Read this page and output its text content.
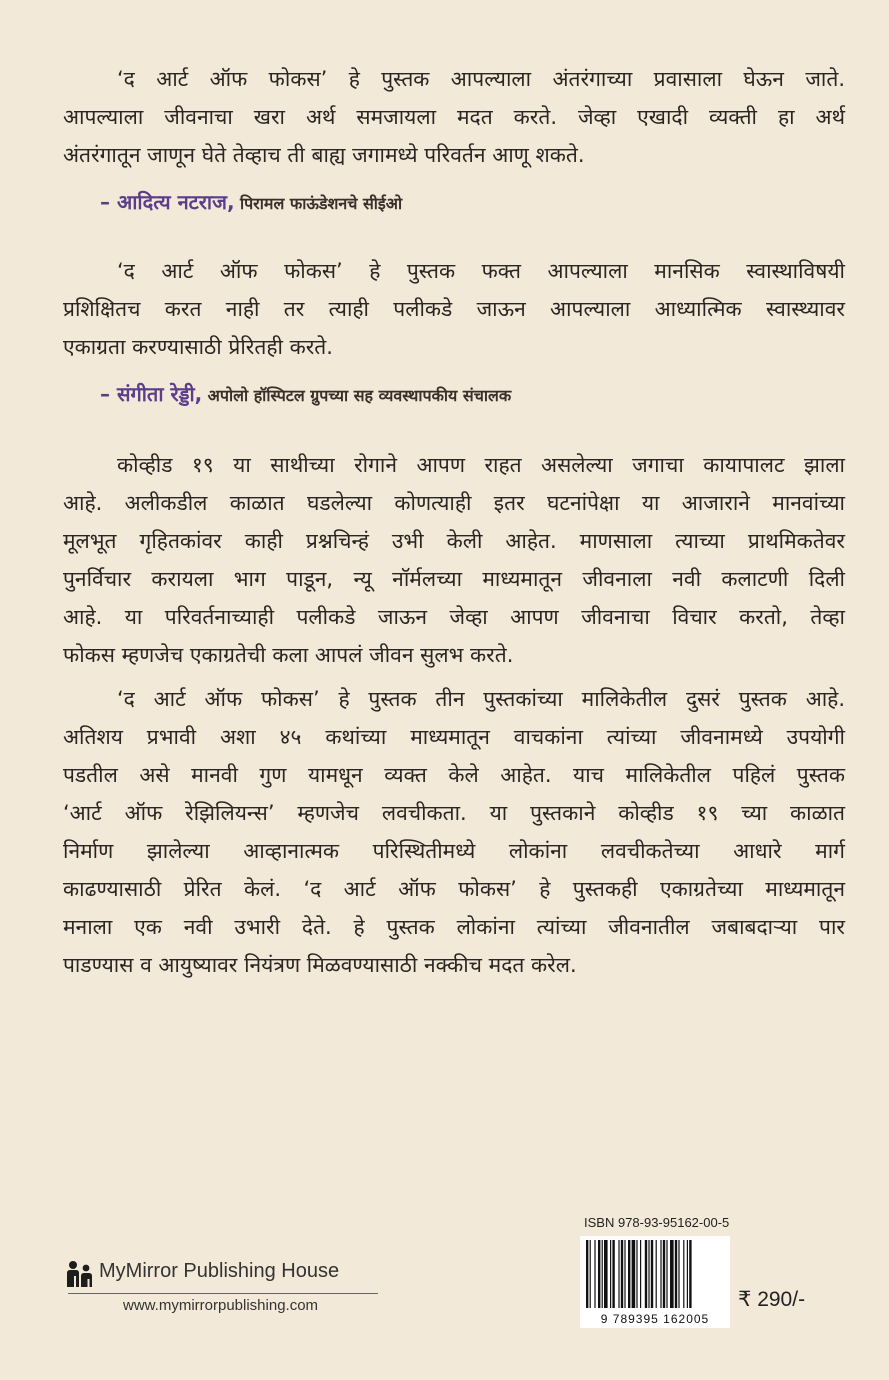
‘द आर्ट ऑफ फोकस’ हे पुस्तक आपल्याला अंतरंगाच्या प्रवासाला घेऊन जाते.
आपल्याला जीवनाचा खरा अर्थ समजायला मदत करते. जेव्हा एखादी व्यक्ती हा अर्थ
अंतरंगातून जाणून घेते तेव्हाच ती बाह्य जगामध्ये परिवर्तन आणू शकते.
– आदित्य नटराज, पिरामल फाऊंडेशनचे सीईओ
‘द आर्ट ऑफ फोकस’ हे पुस्तक फक्त आपल्याला मानसिक स्वास्थाविषयी
प्रशिक्षितच करत नाही तर त्याही पलीकडे जाऊन आपल्याला आध्यात्मिक स्वास्थ्यावर
एकाग्रता करण्यासाठी प्रेरितही करते.
– संगीता रेड्डी, अपोलो हॉस्पिटल ग्रुपच्या सह व्यवस्थापकीय संचालक
कोव्हीड १९ या साथीच्या रोगाने आपण राहत असलेल्या जगाचा कायापालट झाला
आहे. अलीकडील काळात घडलेल्या कोणत्याही इतर घटनांपेक्षा या आजाराने मानवांच्या
मूलभूत गृहितकांवर काही प्रश्नचिन्हं उभी केली आहेत. माणसाला त्याच्या प्राथमिकतेवर
पुनर्विचार करायला भाग पाडून, न्यू नॉर्मलच्या माध्यमातून जीवनाला नवी कलाटणी दिली
आहे. या परिवर्तनाच्याही पलीकडे जाऊन जेव्हा आपण जीवनाचा विचार करतो, तेव्हा
फोकस म्हणजेच एकाग्रतेची कला आपलं जीवन सुलभ करते.
‘द आर्ट ऑफ फोकस’ हे पुस्तक तीन पुस्तकांच्या मालिकेतील दुसरं पुस्तक आहे.
अतिशय प्रभावी अशा ४५ कथांच्या माध्यमातून वाचकांना त्यांच्या जीवनामध्ये उपयोगी
पडतील असे मानवी गुण यामधून व्यक्त केले आहेत. याच मालिकेतील पहिलं पुस्तक
‘आर्ट ऑफ रेझिलियन्स’ म्हणजेच लवचीकता. या पुस्तकाने कोव्हीड १९ च्या काळात
निर्माण झालेल्या आव्हानात्मक परिस्थितीमध्ये लोकांना लवचीकतेच्या आधारे मार्ग
काढण्यासाठी प्रेरित केलं. ‘द आर्ट ऑफ फोकस’ हे पुस्तकही एकाग्रतेच्या माध्यमातून
मनाला एक नवी उभारी देते. हे पुस्तक लोकांना त्यांच्या जीवनातील जबाबदाऱ्या पार
पाडण्यास व आयुष्यावर नियंत्रण मिळवण्यासाठी नक्कीच मदत करेल.
MyMirror Publishing House
www.mymirrorpublishing.com
ISBN 978-93-95162-00-5
9 789395 162005
₹ 290/-
